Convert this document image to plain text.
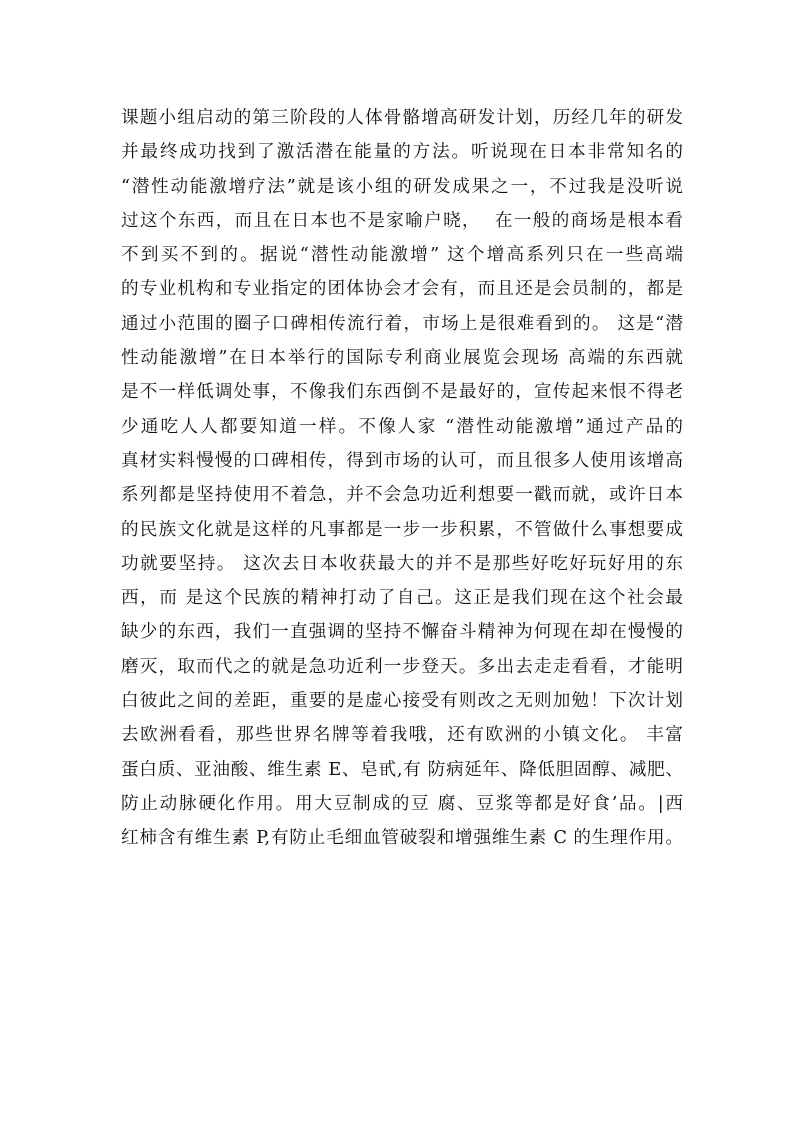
课题小组启动的第三阶段的人体骨骼增高研发计划，历经几年的研发
并最终成功找到了激活潜在能量的方法。听说现在日本非常知名的
“潜性动能激增疗法”就是该小组的研发成果之一，不过我是没听说
过这个东西，而且在日本也不是家喻户晓，  在一般的商场是根本看
不到买不到的。据说“潜性动能激增” 这个增高系列只在一些高端
的专业机构和专业指定的团体协会才会有，而且还是会员制的，都是
通过小范围的圈子口碑相传流行着，市场上是很难看到的。 这是“潜
性动能激增”在日本举行的国际专利商业展览会现场 高端的东西就
是不一样低调处事，不像我们东西倒不是最好的，宣传起来恨不得老
少通吃人人都要知道一样。不像人家 “潜性动能激增”通过产品的
真材实料慢慢的口碑相传，得到市场的认可，而且很多人使用该增高
系列都是坚持使用不着急，并不会急功近利想要一戳而就，或许日本
的民族文化就是这样的凡事都是一步一步积累，不管做什么事想要成
功就要坚持。 这次去日本收获最大的并不是那些好吃好玩好用的东
西，而 是这个民族的精神打动了自己。这正是我们现在这个社会最
缺少的东西，我们一直强调的坚持不懈奋斗精神为何现在却在慢慢的
磨灭，取而代之的就是急功近利一步登天。多出去走走看看，才能明
白彼此之间的差距，重要的是虚心接受有则改之无则加勉！下次计划
去欧洲看看，那些世界名牌等着我哦，还有欧洲的小镇文化。 丰富
蛋白质、亚油酸、维生素 E、皂甙,有 防病延年、降低胆固醇、减肥、
防止动脉硬化作用。用大豆制成的豆 腐、豆浆等都是好食’品。|西
红柿含有维生素 P,有防止毛细血管破裂和增强维生素 C 的生理作用。
